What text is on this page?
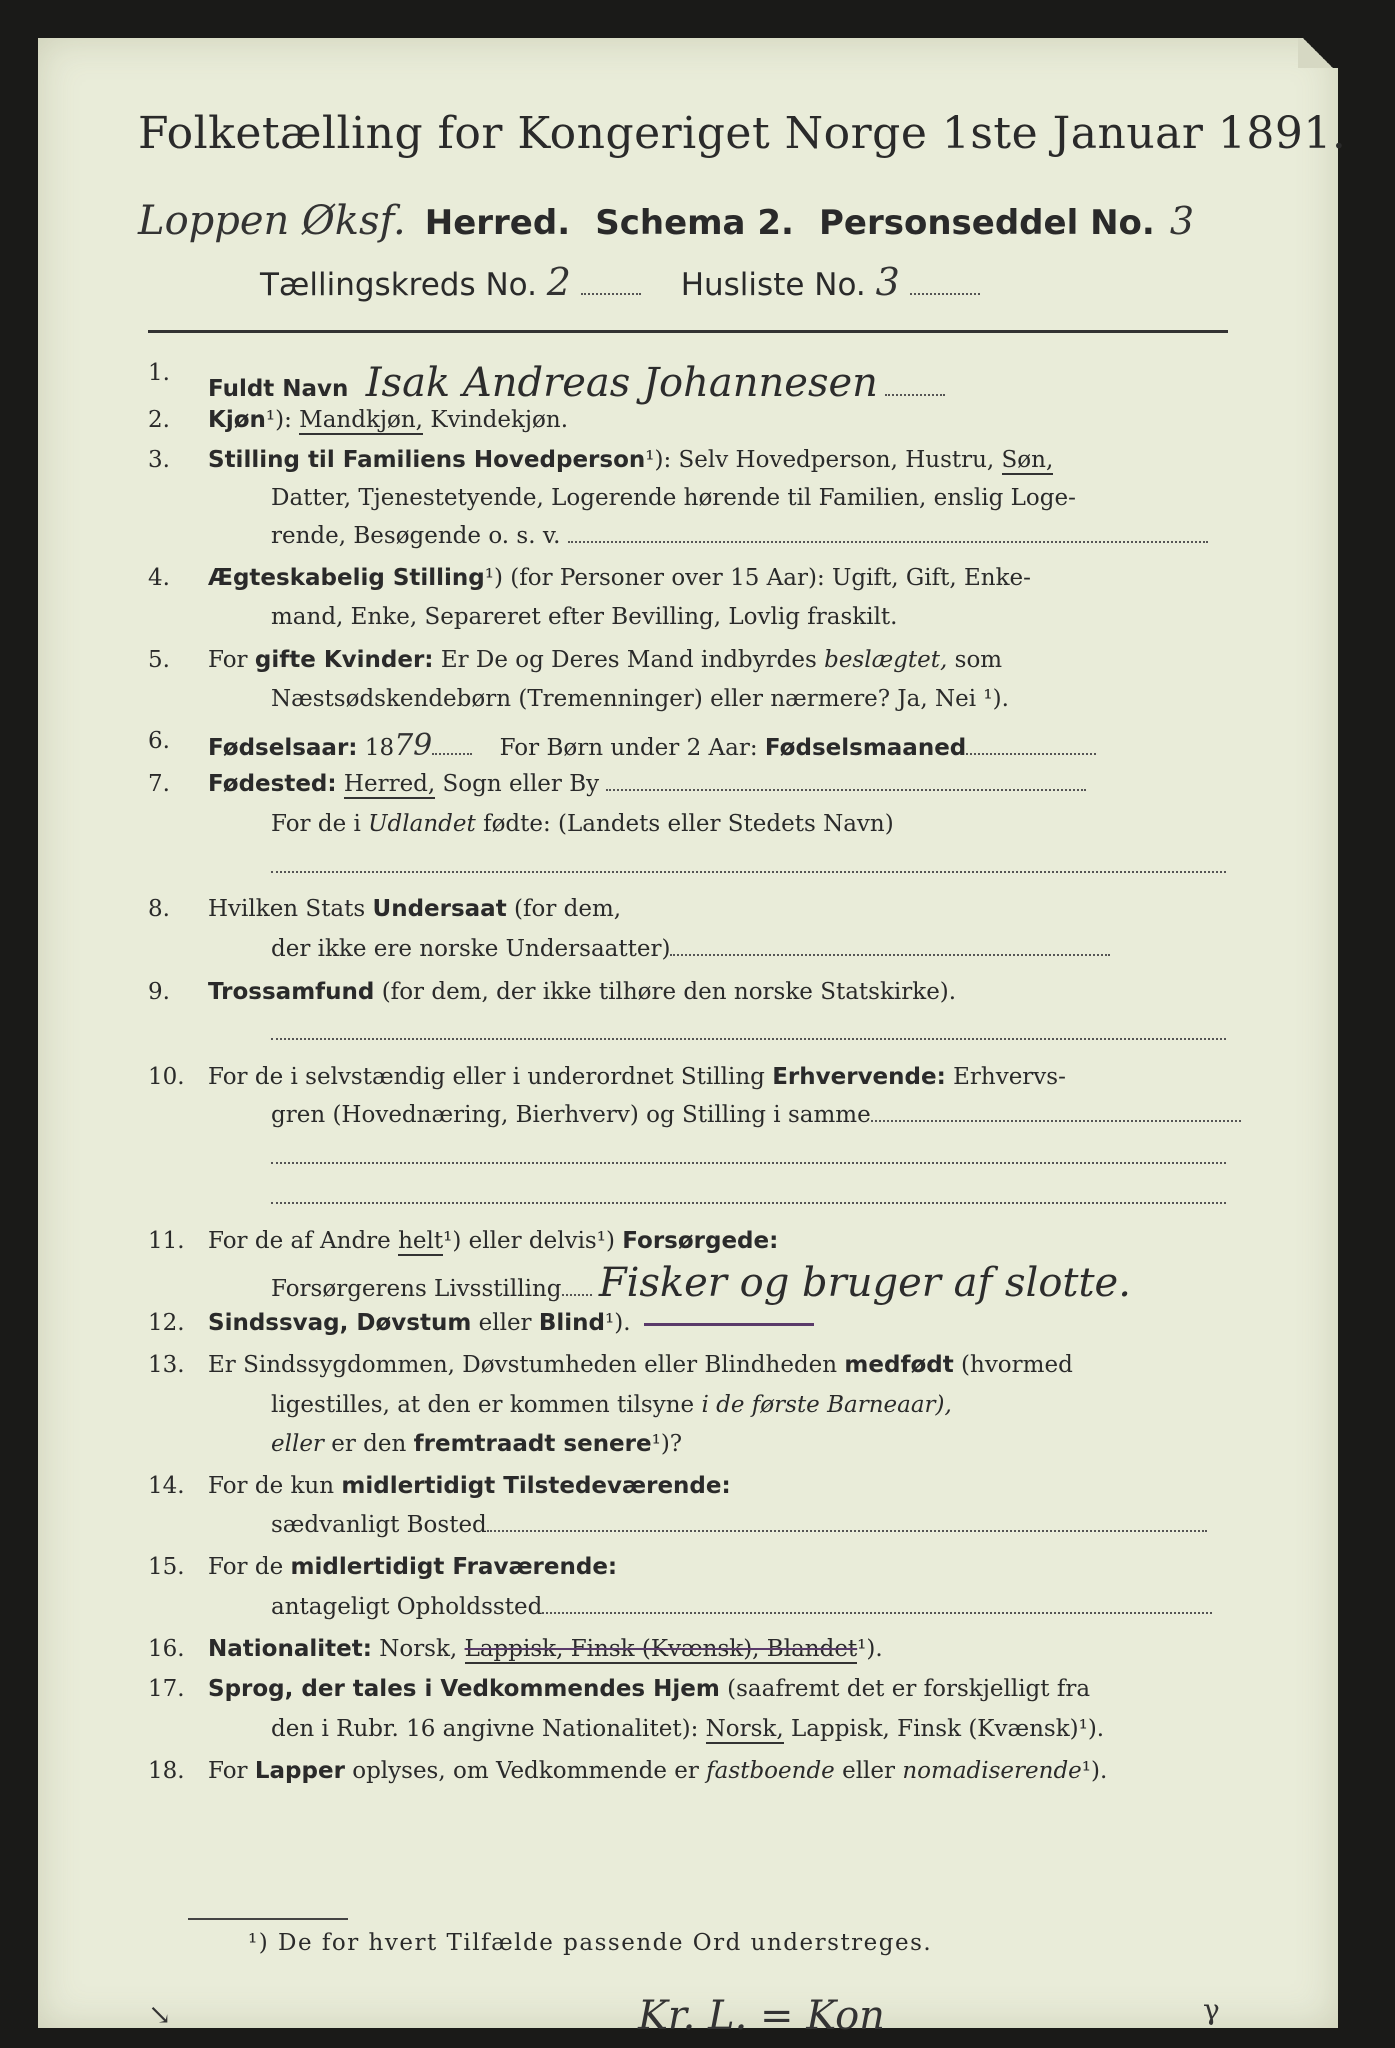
Folketælling for Kongeriget Norge 1ste Januar 1891.
Loppen Øksf. Herred. Schema 2. Personseddel No. 3
Tællingskreds No. 2	Husliste No. 3
1.
Fuldt Navn Isak Andreas Johannesen
2.	Kjøn¹): Mandkjøn, Kvindekjøn.
3.	Stilling til Familiens Hovedperson¹): Selv Hovedperson, Hustru, Søn,
Datter, Tjenestetyende, Logerende hørende til Familien, enslig Loge-
rende, Besøgende o. s. v.
4.	Ægteskabelig Stilling¹) (for Personer over 15 Aar): Ugift, Gift, Enke-
mand, Enke, Separeret efter Bevilling, Lovlig fraskilt.
5.	For gifte Kvinder: Er De og Deres Mand indbyrdes beslægtet, som
Næstsødskendebørn (Tremenninger) eller nærmere? Ja, Nei ¹).
6.	Fødselsaar: 1879	For Børn under 2 Aar: Fødselsmaaned
7.	Fødested: Herred, Sogn eller By
For de i Udlandet fødte: (Landets eller Stedets Navn)
8.	Hvilken Stats Undersaat (for dem,
der ikke ere norske Undersaatter)
9.	Trossamfund (for dem, der ikke tilhøre den norske Statskirke).
10.	For de i selvstændig eller i underordnet Stilling Erhvervende: Erhvervs-
gren (Hovednæring, Bierhverv) og Stilling i samme
11.	For de af Andre helt¹) eller delvis¹) Forsørgede:
Forsørgerens Livsstilling Fisker og bruger af slotte.
12.	Sindssvag, Døvstum eller Blind¹).
13.	Er Sindssygdommen, Døvstumheden eller Blindheden medfødt (hvormed
ligestilles, at den er kommen tilsyne i de første Barneaar),
eller er den fremtraadt senere¹)?
14.	For de kun midlertidigt Tilstedeværende:
sædvanligt Bosted
15.	For de midlertidigt Fraværende:
antageligt Opholdssted
16.	Nationalitet: Norsk, Lappisk, Finsk (Kvænsk), Blandet¹).
17.	Sprog, der tales i Vedkommendes Hjem (saafremt det er forskjelligt fra
den i Rubr. 16 angivne Nationalitet): Norsk, Lappisk, Finsk (Kvænsk)¹).
18.	For Lapper oplyses, om Vedkommende er fastboende eller nomadiserende¹).
¹) De for hvert Tilfælde passende Ord understreges.
Kr. L. = Kon
↘	γ
